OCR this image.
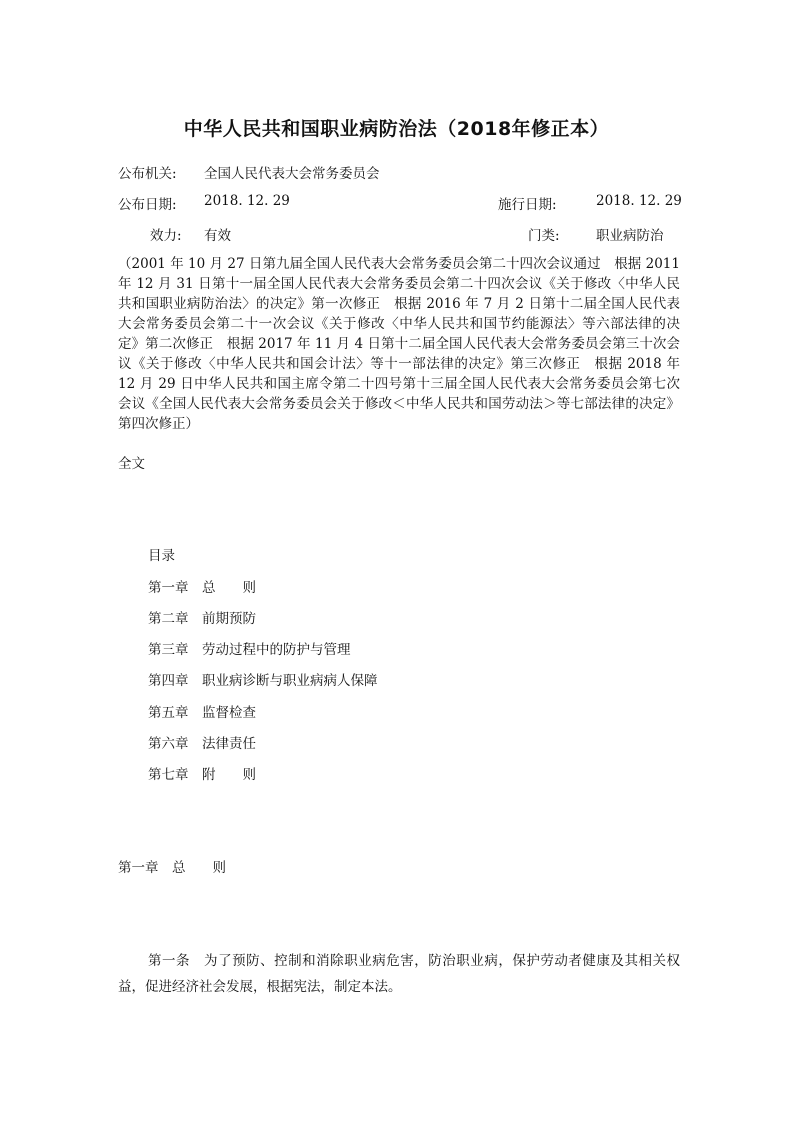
中华人民共和国职业病防治法（2018年修正本）
公布机关: 全国人民代表大会常务委员会
公布日期: 2018. 12. 29	施行日期:	2018. 12. 29
效力: 有效	门类:	职业病防治
（2001 年 10 月 27 日第九届全国人民代表大会常务委员会第二十四次会议通过　根据 2011
年 12 月 31 日第十一届全国人民代表大会常务委员会第二十四次会议《关于修改〈中华人民
共和国职业病防治法〉的决定》第一次修正　根据 2016 年 7 月 2 日第十二届全国人民代表
大会常务委员会第二十一次会议《关于修改〈中华人民共和国节约能源法〉等六部法律的决
定》第二次修正　根据 2017 年 11 月 4 日第十二届全国人民代表大会常务委员会第三十次会
议《关于修改〈中华人民共和国会计法〉等十一部法律的决定》第三次修正　根据 2018 年
12 月 29 日中华人民共和国主席令第二十四号第十三届全国人民代表大会常务委员会第七次
会议《全国人民代表大会常务委员会关于修改＜中华人民共和国劳动法＞等七部法律的决定》
第四次修正）
全文
目录
第一章　总　　则
第二章　前期预防
第三章　劳动过程中的防护与管理
第四章　职业病诊断与职业病病人保障
第五章　监督检查
第六章　法律责任
第七章　附　　则
第一章　总　　则
第一条　为了预防、控制和消除职业病危害，防治职业病，保护劳动者健康及其相关权
益，促进经济社会发展，根据宪法，制定本法。
